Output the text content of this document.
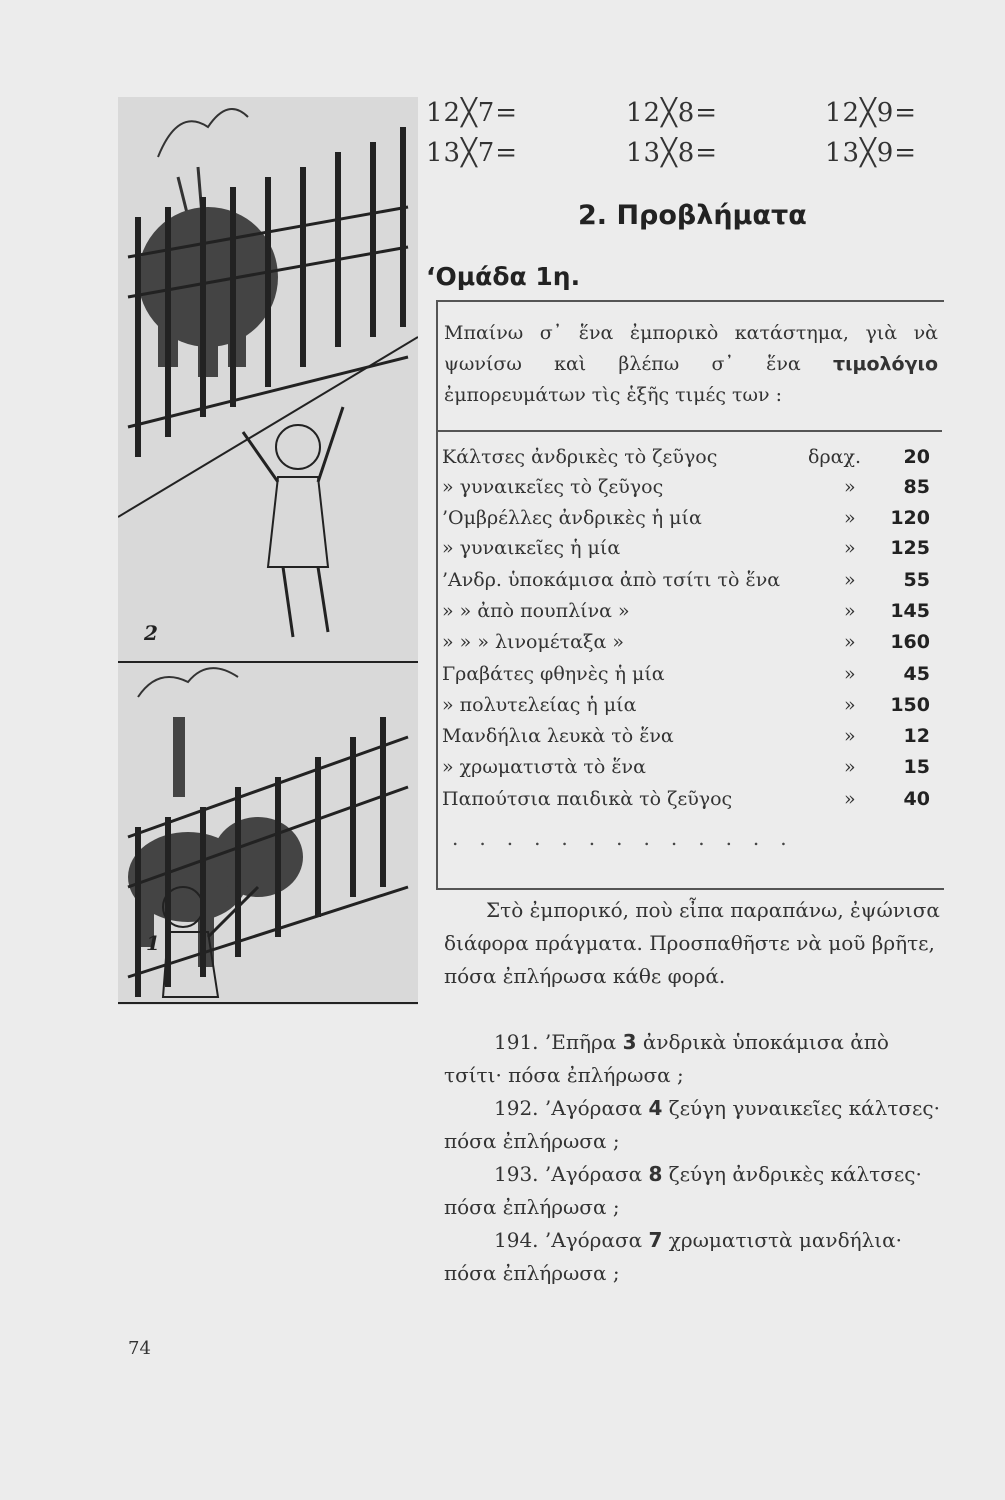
2
1
12╳7=	12╳8=	12╳9=
13╳7=	13╳8=	13╳9=
2. Προβλήματα
‘Ομάδα 1η.
Μπαίνω σ᾿ ἕνα ἐμπορικὸ κατάστημα, γιὰ νὰ ψωνίσω καὶ βλέπω σ᾿ ἕνα τιμολόγιο ἐμπορευμάτων τὶς ἑξῆς τιμές των :
Κάλτσες ἀνδρικὲς τὸ ζεῦγος	δραχ. 20
» γυναικεῖες τὸ ζεῦγος	»	85
’Ομβρέλλες ἀνδρικὲς ἡ μία	» 120
» γυναικεῖες ἡ μία	» 125
’Ανδρ. ὑποκάμισα ἀπὸ τσίτι τὸ ἕνα	»	55
» » ἀπὸ πουπλίνα »	» 145
» » » λινομέταξα »	» 160
Γραβάτες φθηνὲς ἡ μία	»	45
» πολυτελείας ἡ μία	» 150
Μανδήλια λευκὰ τὸ ἕνα	»	12
» χρωματιστὰ τὸ ἕνα	»	15
Παπούτσια παιδικὰ τὸ ζεῦγος	»	40
.............
Στὸ ἐμπορικό, ποὺ εἶπα παραπάνω, ἐψώνισα διάφορα πράγματα. Προσπαθῆστε νὰ μοῦ βρῆτε, πόσα ἐπλήρωσα κάθε φορά.
191. ’Επῆρα 3 ἀνδρικὰ ὑποκάμισα ἀπὸ τσίτι· πόσα ἐπλήρωσα ;
192. ’Αγόρασα 4 ζεύγη γυναικεῖες κάλτσες· πόσα ἐπλήρωσα ;
193. ’Αγόρασα 8 ζεύγη ἀνδρικὲς κάλτσες· πόσα ἐπλήρωσα ;
194. ’Αγόρασα 7 χρωματιστὰ μανδήλια· πόσα ἐπλήρωσα ;
74
